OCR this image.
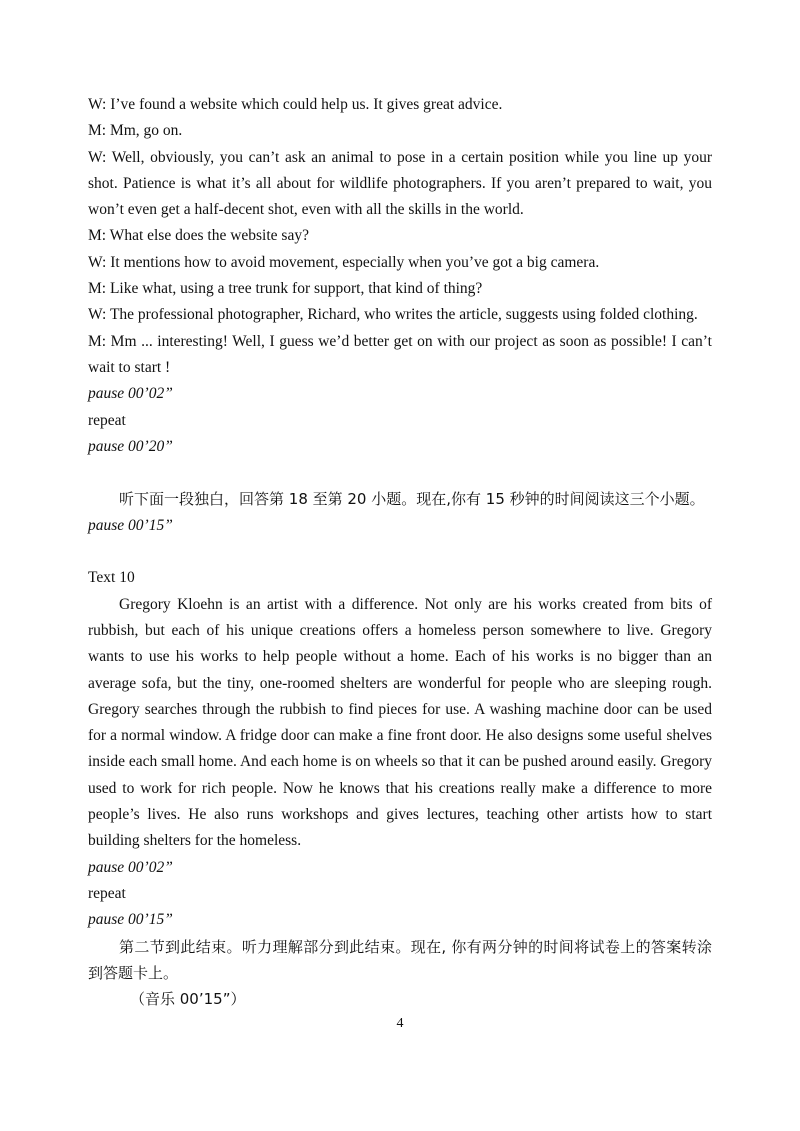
W: I’ve found a website which could help us. It gives great advice.

M: Mm, go on.

W: Well, obviously, you can’t ask an animal to pose in a certain position while you line up your shot. Patience is what it’s all about for wildlife photographers. If you aren’t prepared to wait, you won’t even get a half-decent shot, even with all the skills in the world.

M: What else does the website say?

W: It mentions how to avoid movement, especially when you’ve got a big camera.

M: Like what, using a tree trunk for support, that kind of thing?

W: The professional photographer, Richard, who writes the article, suggests using folded clothing.

M: Mm ... interesting! Well, I guess we’d better get on with our project as soon as possible! I can’t wait to start !

pause 00’02”

repeat

pause 00’20”

听下面一段独白，回答第 18 至第 20 小题。现在,你有 15 秒钟的时间阅读这三个小题。

pause 00’15”

Text 10

Gregory Kloehn is an artist with a difference. Not only are his works created from bits of rubbish, but each of his unique creations offers a homeless person somewhere to live. Gregory wants to use his works to help people without a home. Each of his works is no bigger than an average sofa, but the tiny, one-roomed shelters are wonderful for people who are sleeping rough. Gregory searches through the rubbish to find pieces for use. A washing machine door can be used for a normal window. A fridge door can make a fine front door. He also designs some useful shelves inside each small home. And each home is on wheels so that it can be pushed around easily. Gregory used to work for rich people. Now he knows that his creations really make a difference to more people’s lives. He also runs workshops and gives lectures, teaching other artists how to start building shelters for the homeless.

pause 00’02”

repeat

pause 00’15”

第二节到此结束。听力理解部分到此结束。现在, 你有两分钟的时间将试卷上的答案转涂到答题卡上。

（音乐 00’15”）

4
